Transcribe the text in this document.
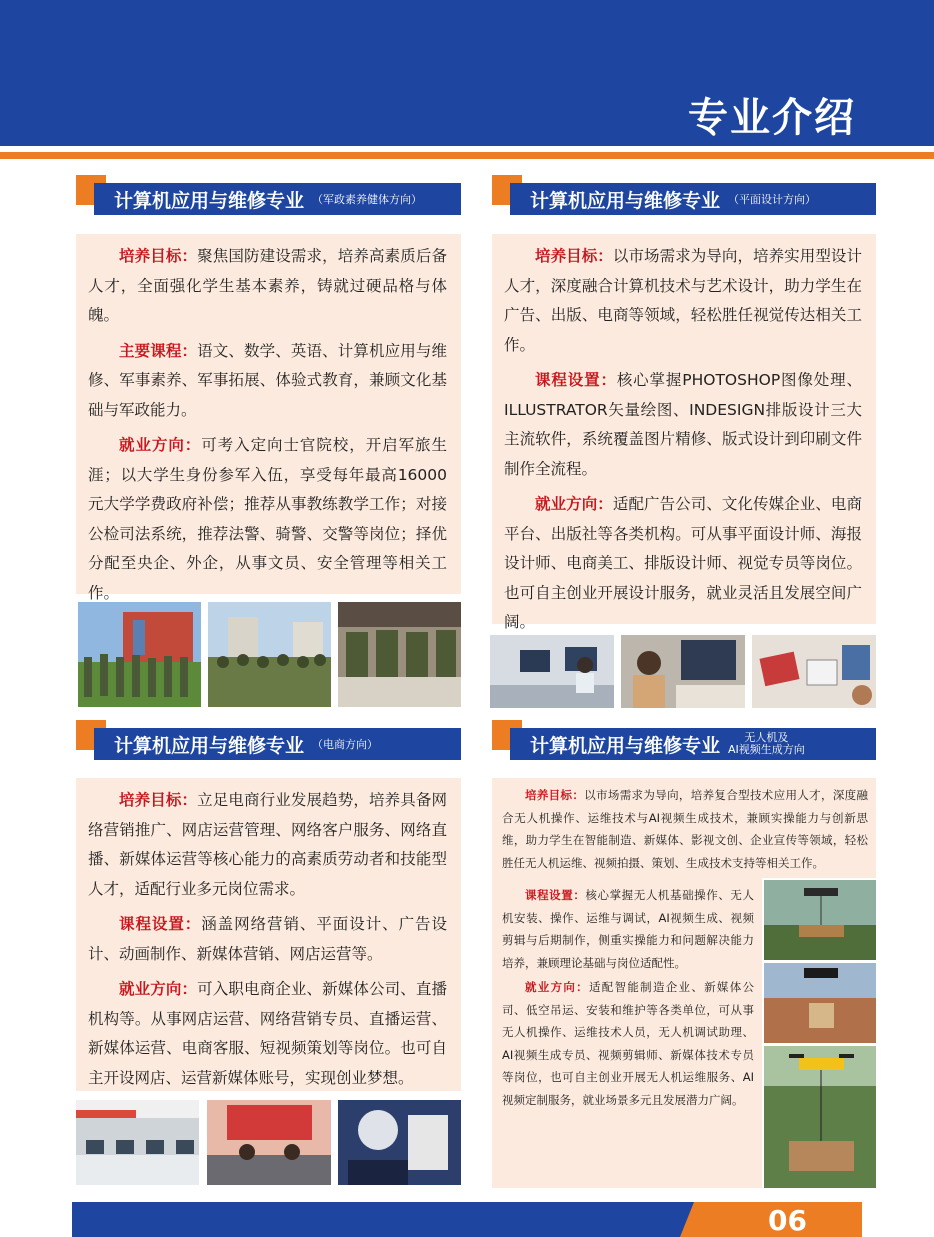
专业介绍
计算机应用与维修专业 （军政素养健体方向）

培养目标：聚焦国防建设需求，培养高素质后备人才，全面强化学生基本素养，铸就过硬品格与体魄。

主要课程：语文、数学、英语、计算机应用与维修、军事素养、军事拓展、体验式教育，兼顾文化基础与军政能力。

就业方向：可考入定向士官院校，开启军旅生涯；以大学生身份参军入伍，享受每年最高16000元大学学费政府补偿；推荐从事教练教学工作；对接公检司法系统，推荐法警、骑警、交警等岗位；择优分配至央企、外企，从事文员、安全管理等相关工作。

计算机应用与维修专业 （平面设计方向）

培养目标：以市场需求为导向，培养实用型设计人才，深度融合计算机技术与艺术设计，助力学生在广告、出版、电商等领域，轻松胜任视觉传达相关工作。

课程设置：核心掌握PHOTOSHOP图像处理、ILLUSTRATOR矢量绘图、INDESIGN排版设计三大主流软件，系统覆盖图片精修、版式设计到印刷文件制作全流程。

就业方向：适配广告公司、文化传媒企业、电商平台、出版社等各类机构。可从事平面设计师、海报设计师、电商美工、排版设计师、视觉专员等岗位。也可自主创业开展设计服务，就业灵活且发展空间广阔。

计算机应用与维修专业 （电商方向）

培养目标：立足电商行业发展趋势，培养具备网络营销推广、网店运营管理、网络客户服务、网络直播、新媒体运营等核心能力的高素质劳动者和技能型人才，适配行业多元岗位需求。

课程设置：涵盖网络营销、平面设计、广告设计、动画制作、新媒体营销、网店运营等。

就业方向：可入职电商企业、新媒体公司、直播机构等。从事网店运营、网络营销专员、直播运营、新媒体运营、电商客服、短视频策划等岗位。也可自主开设网店、运营新媒体账号，实现创业梦想。

计算机应用与维修专业 无人机及
AI视频生成方向

培养目标：以市场需求为导向，培养复合型技术应用人才，深度融合无人机操作、运维技术与AI视频生成技术，兼顾实操能力与创新思维，助力学生在智能制造、新媒体、影视文创、企业宣传等领域，轻松胜任无人机运维、视频拍摄、策划、生成技术支持等相关工作。

课程设置：核心掌握无人机基础操作、无人机安装、操作、运维与调试，AI视频生成、视频剪辑与后期制作，侧重实操能力和问题解决能力培养，兼顾理论基础与岗位适配性。

就业方向：适配智能制造企业、新媒体公司、低空吊运、安装和维护等各类单位，可从事无人机操作、运维技术人员，无人机调试助理、AI视频生成专员、视频剪辑师、新媒体技术专员等岗位，也可自主创业开展无人机运维服务、AI视频定制服务，就业场景多元且发展潜力广阔。

06
